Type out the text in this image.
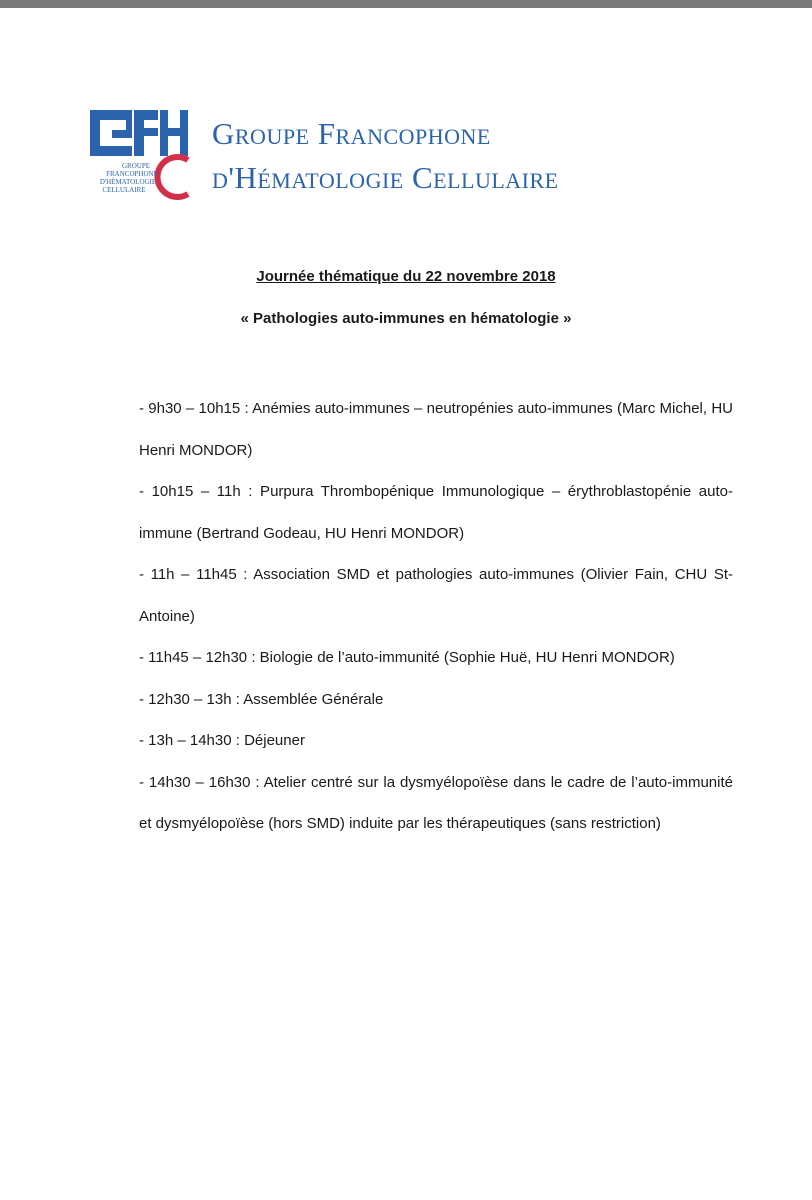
GROUPE
FRANCOPHONE
D'HÉMATOLOGIE
CELLULAIRE
Groupe Francophone
d'Hématologie Cellulaire
Journée thématique du 22 novembre 2018
« Pathologies auto-immunes en hématologie »
- 9h30 – 10h15 : Anémies auto-immunes – neutropénies auto-immunes (Marc Michel, HU Henri MONDOR)
- 10h15 – 11h : Purpura Thrombopénique Immunologique – érythroblastopénie auto-immune (Bertrand Godeau, HU Henri MONDOR)
- 11h – 11h45 : Association SMD et pathologies auto-immunes (Olivier Fain, CHU St-Antoine)
- 11h45 – 12h30 : Biologie de l’auto-immunité (Sophie Huë, HU Henri MONDOR)
- 12h30 – 13h : Assemblée Générale
- 13h – 14h30 : Déjeuner
- 14h30 – 16h30 : Atelier centré sur la dysmyélopoïèse dans le cadre de l’auto-immunité et dysmyélopoïèse (hors SMD) induite par les thérapeutiques (sans restriction)
